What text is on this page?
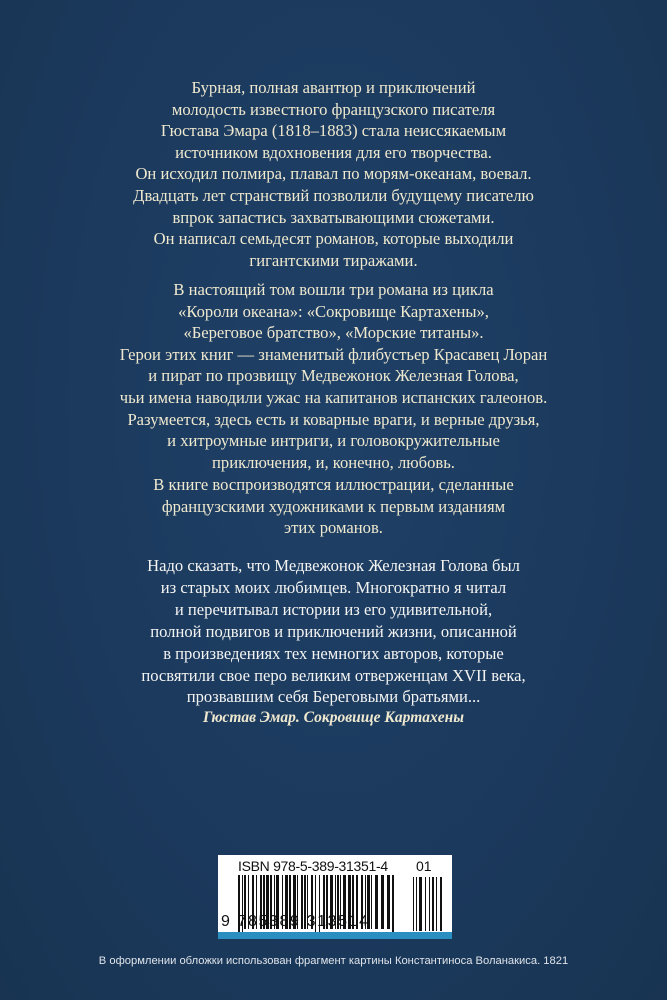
Бурная, полная авантюр и приключений
молодость известного французского писателя
Гюстава Эмара (1818–1883) стала неиссякаемым
источником вдохновения для его творчества.
Он исходил полмира, плавал по морям-океанам, воевал.
Двадцать лет странствий позволили будущему писателю
впрок запастись захватывающими сюжетами.
Он написал семьдесят романов, которые выходили
гигантскими тиражами.
В настоящий том вошли три романа из цикла
«Короли океана»: «Сокровище Картахены»,
«Береговое братство», «Морские титаны».
Герои этих книг — знаменитый флибустьер Красавец Лоран
и пират по прозвищу Медвежонок Железная Голова,
чьи имена наводили ужас на капитанов испанских галеонов.
Разумеется, здесь есть и коварные враги, и верные друзья,
и хитроумные интриги, и головокружительные
приключения, и, конечно, любовь.
В книге воспроизводятся иллюстрации, сделанные
французскими художниками к первым изданиям
этих романов.
Надо сказать, что Медвежонок Железная Голова был
из старых моих любимцев. Многократно я читал
и перечитывал истории из его удивительной,
полной подвигов и приключений жизни, описанной
в произведениях тех немногих авторов, которые
посвятили свое перо великим отверженцам XVII века,
прозвавшим себя Береговыми братьями...
Гюстав Эмар. Сокровище Картахены
ISBN 978-5-389-31351-4 01
9 785389 313514
В оформлении обложки использован фрагмент картины Константиноса Воланакиса. 1821
